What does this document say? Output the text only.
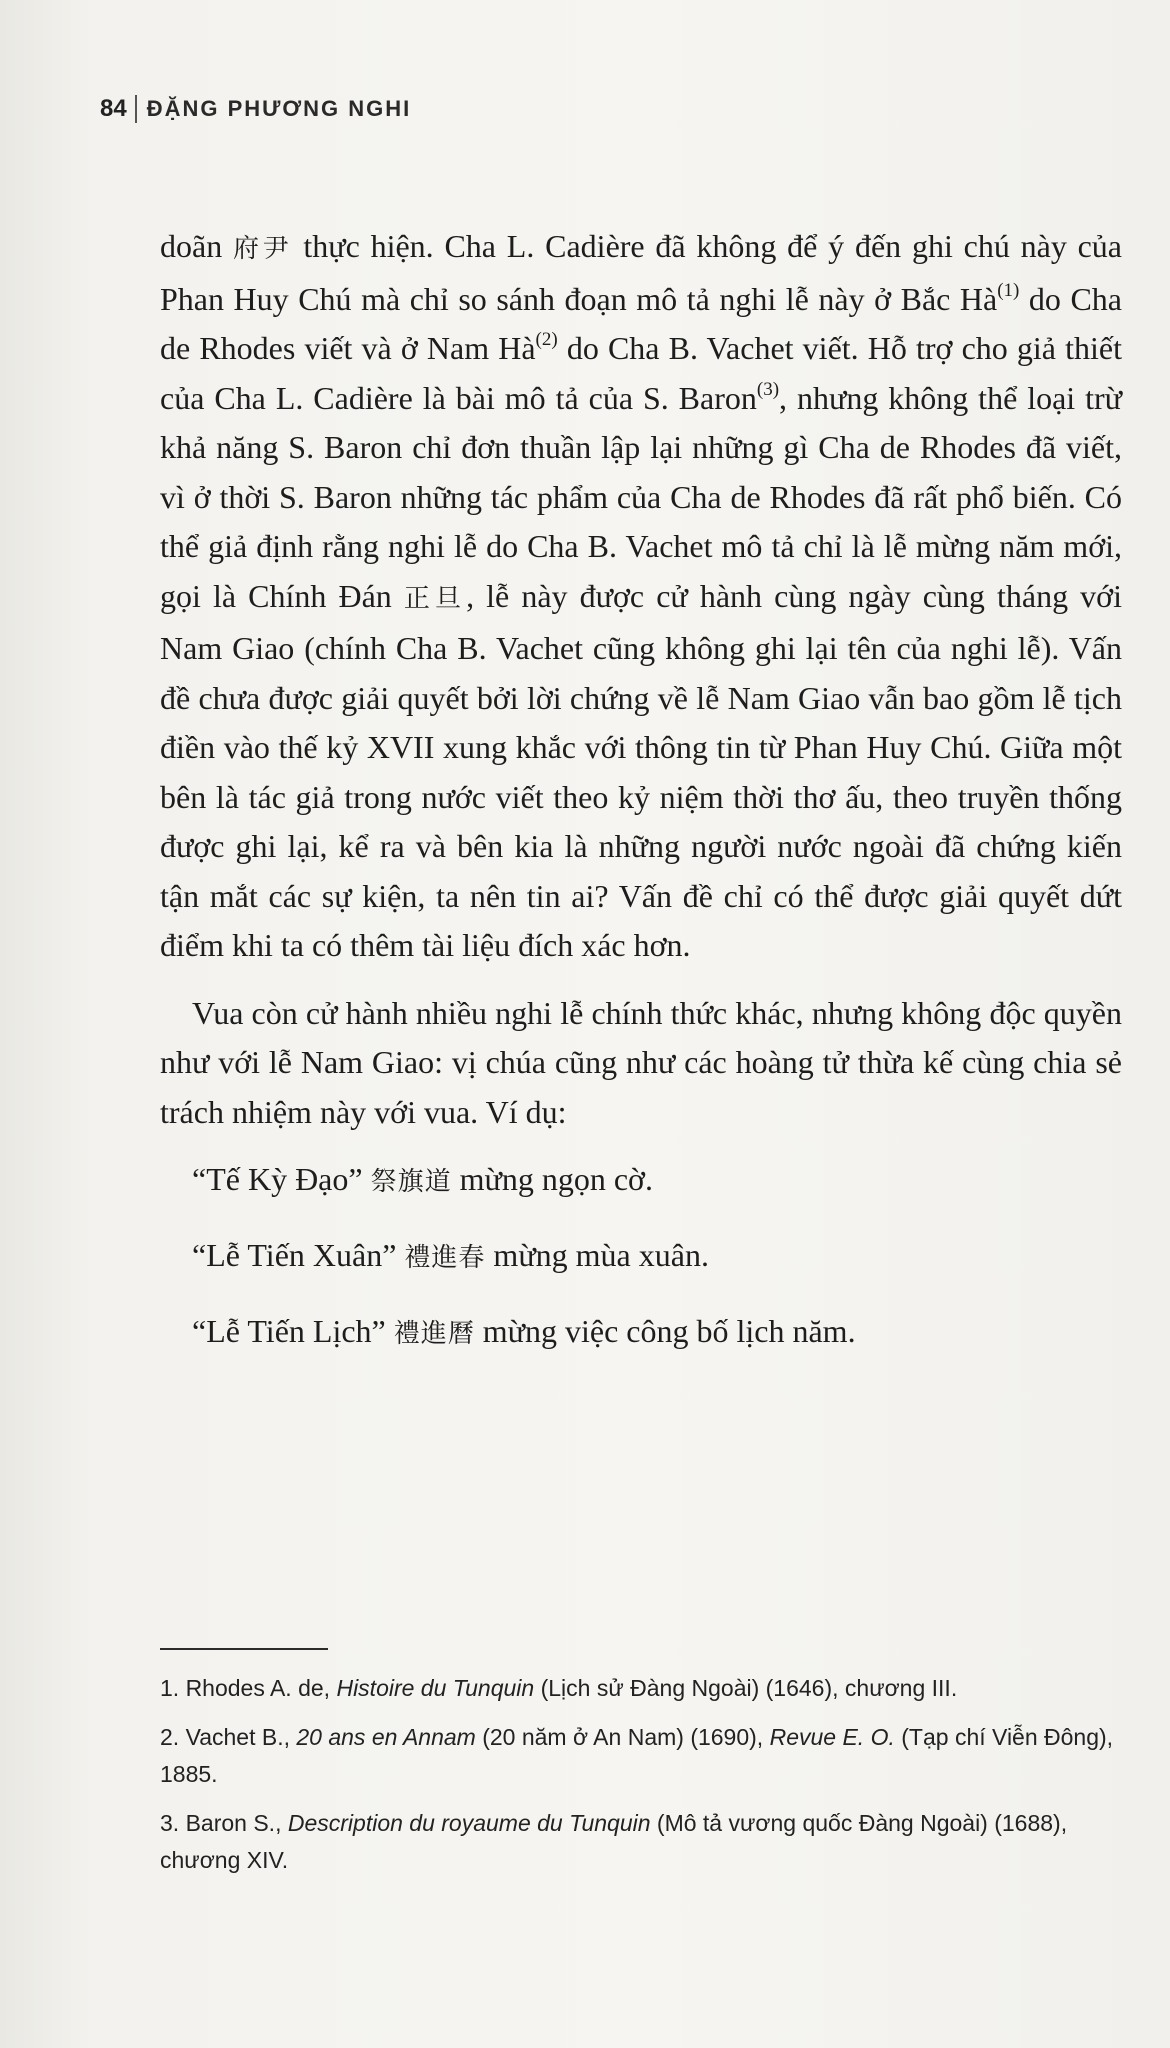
84 ĐẶNG PHƯƠNG NGHI

doãn 府尹 thực hiện. Cha L. Cadière đã không để ý đến ghi chú này của Phan Huy Chú mà chỉ so sánh đoạn mô tả nghi lễ này ở Bắc $Hà^{(1)}$ do Cha de Rhodes viết và ở Nam $Hà^{(2)}$ do Cha B. Vachet viết. Hỗ trợ cho giả thiết của Cha L. Cadière là bài mô tả của S. Baron$^{(3)}$, nhưng không thể loại trừ khả năng S. Baron chỉ đơn thuần lập lại những gì Cha de Rhodes đã viết, vì ở thời S. Baron những tác phẩm của Cha de Rhodes đã rất phổ biến. Có thể giả định rằng nghi lễ do Cha B. Vachet mô tả chỉ là lễ mừng năm mới, gọi là Chính Đán 正旦, lễ này được cử hành cùng ngày cùng tháng với Nam Giao (chính Cha B. Vachet cũng không ghi lại tên của nghi lễ). Vấn đề chưa được giải quyết bởi lời chứng về lễ Nam Giao vẫn bao gồm lễ tịch điền vào thế kỷ XVII xung khắc với thông tin từ Phan Huy Chú. Giữa một bên là tác giả trong nước viết theo kỷ niệm thời thơ ấu, theo truyền thống được ghi lại, kể ra và bên kia là những người nước ngoài đã chứng kiến tận mắt các sự kiện, ta nên tin ai? Vấn đề chỉ có thể được giải quyết dứt điểm khi ta có thêm tài liệu đích xác hơn.

Vua còn cử hành nhiều nghi lễ chính thức khác, nhưng không độc quyền như với lễ Nam Giao: vị chúa cũng như các hoàng tử thừa kế cùng chia sẻ trách nhiệm này với vua. Ví dụ:

“Tế Kỳ Đạo” 祭旗道 mừng ngọn cờ.
“Lễ Tiến Xuân” 禮進春 mừng mùa xuân.
“Lễ Tiến Lịch” 禮進曆 mừng việc công bố lịch năm.

1. Rhodes A. de, Histoire du Tunquin (Lịch sử Đàng Ngoài) (1646), chương III.

2. Vachet B., 20 ans en Annam (20 năm ở An Nam) (1690), Revue E. O. (Tạp chí Viễn Đông), 1885.

3. Baron S., Description du royaume du Tunquin (Mô tả vương quốc Đàng Ngoài) (1688), chương XIV.
